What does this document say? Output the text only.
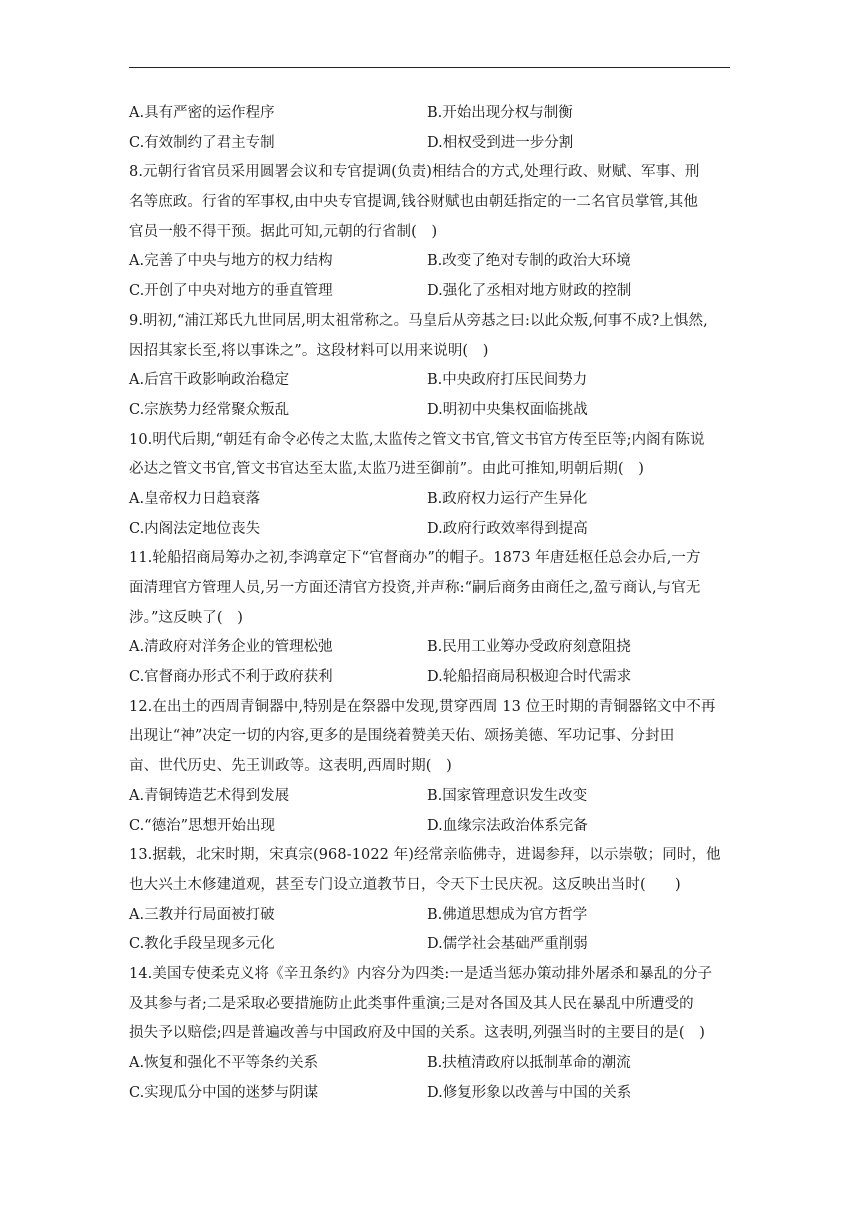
A.具有严密的运作程序	B.开始出现分权与制衡
C.有效制约了君主专制	D.相权受到进一步分割
8.元朝行省官员采用圆署会议和专官提调(负责)相结合的方式,处理行政、财赋、军事、刑
名等庶政。行省的军事权,由中央专官提调,钱谷财赋也由朝廷指定的一二名官员掌管,其他
官员一般不得干预。据此可知,元朝的行省制(　)
A.完善了中央与地方的权力结构	B.改变了绝对专制的政治大环境
C.开创了中央对地方的垂直管理	D.强化了丞相对地方财政的控制
9.明初,“浦江郑氏九世同居,明太祖常称之。马皇后从旁惎之曰:以此众叛,何事不成?上惧然,
因招其家长至,将以事诛之”。这段材料可以用来说明(　)
A.后宫干政影响政治稳定	B.中央政府打压民间势力
C.宗族势力经常聚众叛乱	D.明初中央集权面临挑战
10.明代后期,“朝廷有命令必传之太监,太监传之管文书官,管文书官方传至臣等;内阁有陈说
必达之管文书官,管文书官达至太监,太监乃进至御前”。由此可推知,明朝后期(　)
A.皇帝权力日趋衰落	B.政府权力运行产生异化
C.内阁法定地位丧失	D.政府行政效率得到提高
11.轮船招商局筹办之初,李鸿章定下“官督商办”的帽子。1873 年唐廷枢任总会办后,一方
面清理官方管理人员,另一方面还清官方投资,并声称:“嗣后商务由商任之,盈亏商认,与官无
涉。”这反映了(　)
A.清政府对洋务企业的管理松弛	B.民用工业筹办受政府刻意阻挠
C.官督商办形式不利于政府获利	D.轮船招商局积极迎合时代需求
12.在出土的西周青铜器中,特别是在祭器中发现,贯穿西周 13 位王时期的青铜器铭文中不再
出现让“神”决定一切的内容,更多的是围绕着赞美天佑、颂扬美德、军功记事、分封田
亩、世代历史、先王训政等。这表明,西周时期(　)
A.青铜铸造艺术得到发展	B.国家管理意识发生改变
C.“德治”思想开始出现	D.血缘宗法政治体系完备
13.据载，北宋时期，宋真宗(968-1022 年)经常亲临佛寺，进谒参拜，以示崇敬；同时，他
也大兴土木修建道观，甚至专门设立道教节日，令天下士民庆祝。这反映出当时(　　)
A.三教并行局面被打破	B.佛道思想成为官方哲学
C.教化手段呈现多元化	D.儒学社会基础严重削弱
14.美国专使柔克义将《辛丑条约》内容分为四类:一是适当惩办策动排外屠杀和暴乱的分子
及其参与者;二是采取必要措施防止此类事件重演;三是对各国及其人民在暴乱中所遭受的
损失予以赔偿;四是普遍改善与中国政府及中国的关系。这表明,列强当时的主要目的是(　)
A.恢复和强化不平等条约关系	B.扶植清政府以抵制革命的潮流
C.实现瓜分中国的迷梦与阴谋	D.修复形象以改善与中国的关系
